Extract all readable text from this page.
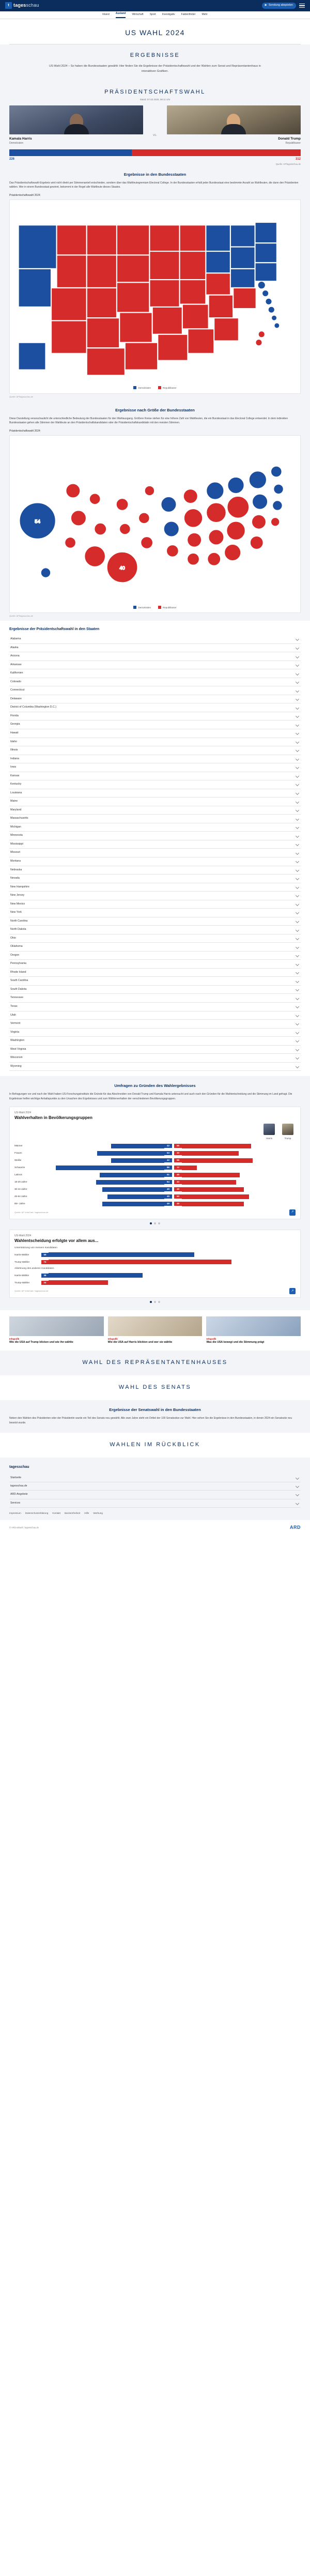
t tagesschau	▶ Sendung abspielen
Inland Ausland Wirtschaft Sport Investigativ Faktenfinder Mehr
US WAHL 2024
ERGEBNISSE
US-Wahl 2024 – So haben die Bundesstaaten gewählt: Hier finden Sie die Ergebnisse der Präsidentschaftswahl und der Wahlen zum Senat und Repräsentantenhaus in interaktiven Grafiken.
PRÄSIDENTSCHAFTSWAHL
Stand: 07.02.2025, 08:11 Uhr
Kamala Harris
Demokraten
vs.
Donald Trump
Republikaner
226	312
Quelle: AP/tagesschau.de
Ergebnisse in den Bundesstaaten

Das Präsidentschaftswahl-Ergebnis wird nicht direkt per Stimmenanteil entschieden, sondern über das Wahlleutegremium Electoral College. In der Bundesstaaten erhält jeder Bundesstaat eine bestimmte Anzahl an Wahlleuten, die dann den Präsidenten wählen. Wer in einem Bundesstaat gewinnt, bekommt in der Regel alle Wahlleute dieses Staates.

Präsidentschaftswahl 2024
Demokraten	Republikaner
Quelle: AP/tagesschau.de
Ergebnisse nach Größe der Bundesstaaten

Diese Darstellung veranschaulicht die unterschiedliche Bedeutung der Bundesstaaten für den Wahlausgang. Größere Kreise stehen für eine höhere Zahl von Wahlleuten, die ein Bundesstaat in das Electoral College entsendet. In dem indirekten Bundesstaaten gehen alle Stimmen der Wahlleute an den Präsidentschaftskandidaten oder die Präsidentschaftskandidatin mit den meisten Stimmen.

Präsidentschaftswahl 2024
54
40
Demokraten	Republikaner
Quelle: AP/tagesschau.de
Ergebnisse der Präsidentschaftswahl in den Staaten
Alabama
Alaska
Arizona
Arkansas
Kalifornien
Colorado
Connecticut
Delaware
District of Columbia (Washington D.C.)
Florida
Georgia
Hawaii
Idaho
Illinois
Indiana
Iowa
Kansas
Kentucky
Louisiana
Maine
Maryland
Massachusetts
Michigan
Minnesota
Mississippi
Missouri
Montana
Nebraska
Nevada
New Hampshire
New Jersey
New Mexico
New York
North Carolina
North Dakota
Ohio
Oklahoma
Oregon
Pennsylvania
Rhode Island
South Carolina
South Dakota
Tennessee
Texas
Utah
Vermont
Virginia
Washington
West Virginia
Wisconsin
Wyoming
Umfragen zu Gründen des Wahlergebnisses

In Befragungen vor und nach der Wahl haben US-Forschungsinstitute die Gründe für das Abschneiden von Donald Trump und Kamala Harris untersucht und auch nach den Gründen für die Wahlentscheidung und die Stimmung im Land gefragt. Die Ergebnisse helfen wichtige Anhaltspunkte zu den Ursachen des Ergebnisses und zum Wählerverhalten der verschiedenen Bevölkerungsgruppen.

US-Wahl 2024
Wahlverhalten in Bevölkerungsgruppen
Harris	Trump
Männer	42	55
Frauen	53	45
Weiße	42	56
Schwarze	86	12
Latinos	51	46
18-29 Jahre	54	43
30-44 Jahre	49	49
45-64 Jahre	45	53
65+ Jahre	49	49
Quelle: AP VoteCast / tagesschau.de	↗
US-Wahl 2024
Wahlentscheidung erfolgte vor allem aus...
Unterstützung von meinem Kandidaten
Harris-Wähler	59
Trump-Wähler	74
Ablehnung des anderen Kandidaten
Harris-Wähler	38
Trump-Wähler	24
Quelle: AP VoteCast / tagesschau.de	↗
Infografik
Wie die USA auf Trump blicken und wie ihn wählte
Infografik
Wie die USA auf Harris blickten und wer sie wählte
Infografik
Was die USA bewegt und die Stimmung prägt
WAHL DES REPRÄSENTANTENHAUSES
WAHL DES SENATS
Ergebnisse der Senatswahl in den Bundesstaaten

Neben den Wahlen des Präsidenten oder der Präsidentin wurde ein Teil des Senats neu gewählt. Alle zwei Jahre steht ein Drittel der 100 Senatssitze zur Wahl. Hier sehen Sie die Ergebnisse in den Bundesstaaten, in denen 2024 ein Senatssitz neu besetzt wurde.

WAHLEN IM RÜCKBLICK
tagesschau
Startseite
tagesschau.de
ARD-Angebote
Services
Impressum Datenschutzerklärung Kontakt Barrierefreiheit Hilfe Werbung
© ARD-aktuell / tagesschau.de	ARD
